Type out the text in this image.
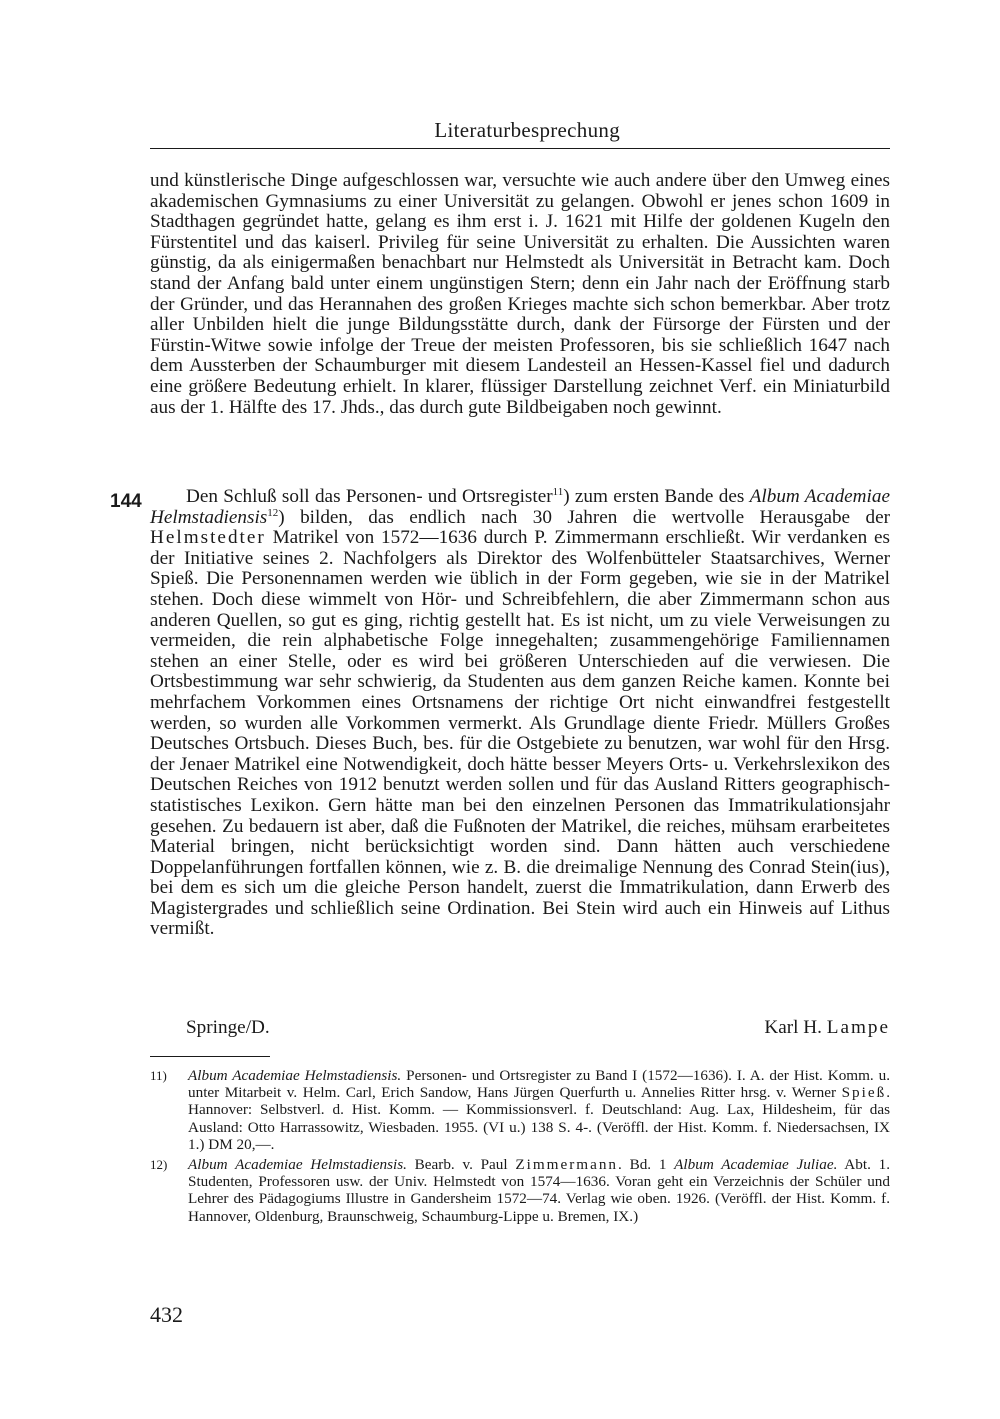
Literaturbesprechung

und künstlerische Dinge aufgeschlossen war, versuchte wie auch andere über den Umweg eines akademischen Gymnasiums zu einer Universität zu gelangen. Obwohl er jenes schon 1609 in Stadthagen gegründet hatte, gelang es ihm erst i. J. 1621 mit Hilfe der goldenen Kugeln den Fürstentitel und das kaiserl. Privileg für seine Universität zu erhalten. Die Aussichten waren günstig, da als einigermaßen benachbart nur Helmstedt als Universität in Betracht kam. Doch stand der Anfang bald unter einem ungünstigen Stern; denn ein Jahr nach der Eröffnung starb der Gründer, und das Herannahen des großen Krieges machte sich schon bemerkbar. Aber trotz aller Unbilden hielt die junge Bildungsstätte durch, dank der Fürsorge der Fürsten und der Fürstin-Witwe sowie infolge der Treue der meisten Professoren, bis sie schließlich 1647 nach dem Aussterben der Schaumburger mit diesem Landesteil an Hessen-Kassel fiel und dadurch eine größere Bedeutung erhielt. In klarer, flüssiger Darstellung zeichnet Verf. ein Miniaturbild aus der 1. Hälfte des 17. Jhds., das durch gute Bildbeigaben noch gewinnt.

144	Den Schluß soll das Personen- und Ortsregister$^{11}$) zum ersten Bande des Album Academiae Helmstadiensis$^{12}$) bilden, das endlich nach 30 Jahren die wertvolle Herausgabe der Helmstedter Matrikel von 1572—1636 durch P. Zimmermann erschließt. Wir verdanken es der Initiative seines 2. Nachfolgers als Direktor des Wolfenbütteler Staatsarchives, Werner Spieß. Die Personennamen werden wie üblich in der Form gegeben, wie sie in der Matrikel stehen. Doch diese wimmelt von Hör- und Schreibfehlern, die aber Zimmermann schon aus anderen Quellen, so gut es ging, richtig gestellt hat. Es ist nicht, um zu viele Verweisungen zu vermeiden, die rein alphabetische Folge innegehalten; zusammengehörige Familiennamen stehen an einer Stelle, oder es wird bei größeren Unterschieden auf die verwiesen. Die Ortsbestimmung war sehr schwierig, da Studenten aus dem ganzen Reiche kamen. Konnte bei mehrfachem Vorkommen eines Ortsnamens der richtige Ort nicht einwandfrei festgestellt werden, so wurden alle Vorkommen vermerkt. Als Grundlage diente Friedr. Müllers Großes Deutsches Ortsbuch. Dieses Buch, bes. für die Ostgebiete zu benutzen, war wohl für den Hrsg. der Jenaer Matrikel eine Notwendigkeit, doch hätte besser Meyers Orts- u. Verkehrslexikon des Deutschen Reiches von 1912 benutzt werden sollen und für das Ausland Ritters geographisch-statistisches Lexikon. Gern hätte man bei den einzelnen Personen das Immatrikulationsjahr gesehen. Zu bedauern ist aber, daß die Fußnoten der Matrikel, die reiches, mühsam erarbeitetes Material bringen, nicht berücksichtigt worden sind. Dann hätten auch verschiedene Doppelanführungen fortfallen können, wie z. B. die dreimalige Nennung des Conrad Stein(ius), bei dem es sich um die gleiche Person handelt, zuerst die Immatrikulation, dann Erwerb des Magistergrades und schließlich seine Ordination. Bei Stein wird auch ein Hinweis auf Lithus vermißt.

Springe/D.	Karl H. Lampe
11) Album Academiae Helmstadiensis. Personen- und Ortsregister zu Band I (1572—1636). I. A. der Hist. Komm. u. unter Mitarbeit v. Helm. Carl, Erich Sandow, Hans Jürgen Querfurth u. Annelies Ritter hrsg. v. Werner Spieß. Hannover: Selbstverl. d. Hist. Komm. — Kommissionsverl. f. Deutschland: Aug. Lax, Hildesheim, für das Ausland: Otto Harrassowitz, Wiesbaden. 1955. (VI u.) 138 S. 4-. (Veröffl. der Hist. Komm. f. Niedersachsen, IX 1.) DM 20,—.
12) Album Academiae Helmstadiensis. Bearb. v. Paul Zimmermann. Bd. 1 Album Academiae Juliae. Abt. 1. Studenten, Professoren usw. der Univ. Helmstedt von 1574—1636. Voran geht ein Verzeichnis der Schüler und Lehrer des Pädagogiums Illustre in Gandersheim 1572—74. Verlag wie oben. 1926. (Veröffl. der Hist. Komm. f. Hannover, Oldenburg, Braunschweig, Schaumburg-Lippe u. Bremen, IX.)
432
